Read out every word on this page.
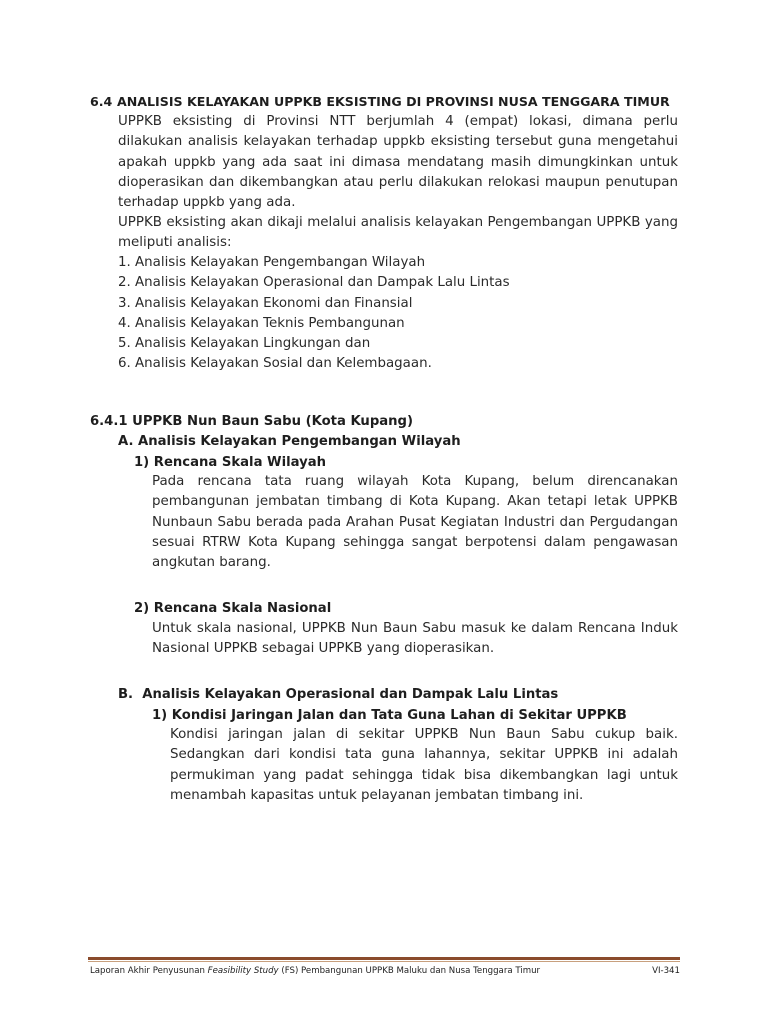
6.4 ANALISIS KELAYAKAN UPPKB EKSISTING DI PROVINSI NUSA TENGGARA TIMUR

UPPKB eksisting di Provinsi NTT berjumlah 4 (empat) lokasi, dimana perlu dilakukan analisis kelayakan terhadap uppkb eksisting tersebut guna mengetahui apakah uppkb yang ada saat ini dimasa mendatang masih dimungkinkan untuk dioperasikan dan dikembangkan atau perlu dilakukan relokasi maupun penutupan terhadap uppkb yang ada.

UPPKB eksisting akan dikaji melalui analisis kelayakan Pengembangan UPPKB yang meliputi analisis:

1. Analisis Kelayakan Pengembangan Wilayah
2. Analisis Kelayakan Operasional dan Dampak Lalu Lintas
3. Analisis Kelayakan Ekonomi dan Finansial
4. Analisis Kelayakan Teknis Pembangunan
5. Analisis Kelayakan Lingkungan dan
6. Analisis Kelayakan Sosial dan Kelembagaan.
6.4.1 UPPKB Nun Baun Sabu (Kota Kupang)
A. Analisis Kelayakan Pengembangan Wilayah
1) Rencana Skala Wilayah

Pada rencana tata ruang wilayah Kota Kupang, belum direncanakan pembangunan jembatan timbang di Kota Kupang. Akan tetapi letak UPPKB Nunbaun Sabu berada pada Arahan Pusat Kegiatan Industri dan Pergudangan sesuai RTRW Kota Kupang sehingga sangat berpotensi dalam pengawasan angkutan barang.

2) Rencana Skala Nasional

Untuk skala nasional, UPPKB Nun Baun Sabu masuk ke dalam Rencana Induk Nasional UPPKB sebagai UPPKB yang dioperasikan.

B.  Analisis Kelayakan Operasional dan Dampak Lalu Lintas
1) Kondisi Jaringan Jalan dan Tata Guna Lahan di Sekitar UPPKB

Kondisi jaringan jalan di sekitar UPPKB Nun Baun Sabu cukup baik. Sedangkan dari kondisi tata guna lahannya, sekitar UPPKB ini adalah permukiman yang padat sehingga tidak bisa dikembangkan lagi untuk menambah kapasitas untuk pelayanan jembatan timbang ini.

Laporan Akhir Penyusunan Feasibility Study (FS) Pembangunan UPPKB Maluku dan Nusa Tenggara Timur	VI-341
